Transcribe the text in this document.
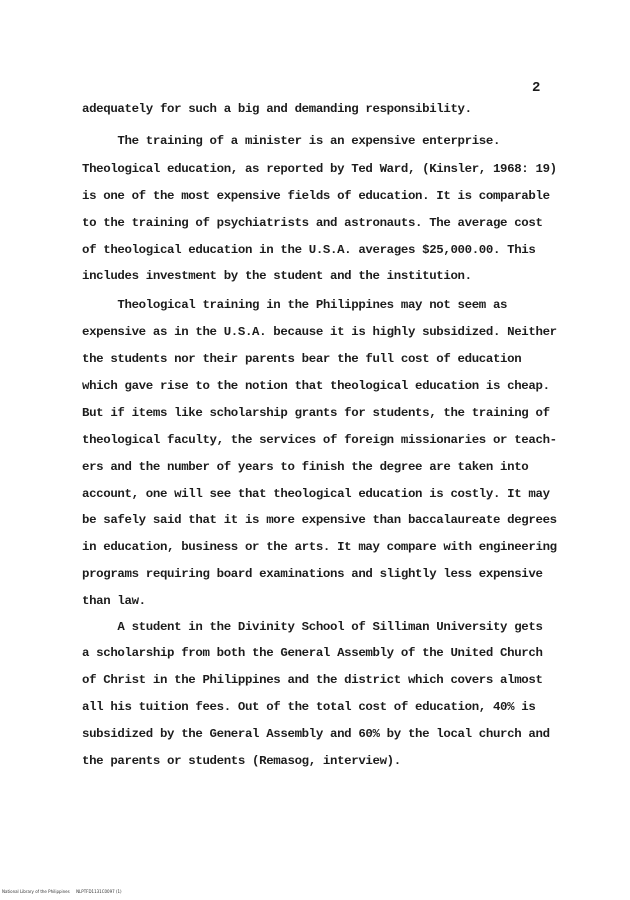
2
adequately for such a big and demanding responsibility.
The training of a minister is an expensive enterprise.
Theological education, as reported by Ted Ward, (Kinsler, 1968: 19)
is one of the most expensive fields of education. It is comparable
to the training of psychiatrists and astronauts. The average cost
of theological education in the U.S.A. averages $25,000.00. This
includes investment by the student and the institution.
Theological training in the Philippines may not seem as
expensive as in the U.S.A. because it is highly subsidized. Neither
the students nor their parents bear the full cost of education
which gave rise to the notion that theological education is cheap.
But if items like scholarship grants for students, the training of
theological faculty, the services of foreign missionaries or teach-
ers and the number of years to finish the degree are taken into
account, one will see that theological education is costly. It may
be safely said that it is more expensive than baccalaureate degrees
in education, business or the arts. It may compare with engineering
programs requiring board examinations and slightly less expensive
than law.
A student in the Divinity School of Silliman University gets
a scholarship from both the General Assembly of the United Church
of Christ in the Philippines and the district which covers almost
all his tuition fees. Out of the total cost of education, 40% is
subsidized by the General Assembly and 60% by the local church and
the parents or students (Remasog, interview).
National Library of the Philippines     NLPTFD1131C0097 (1)
